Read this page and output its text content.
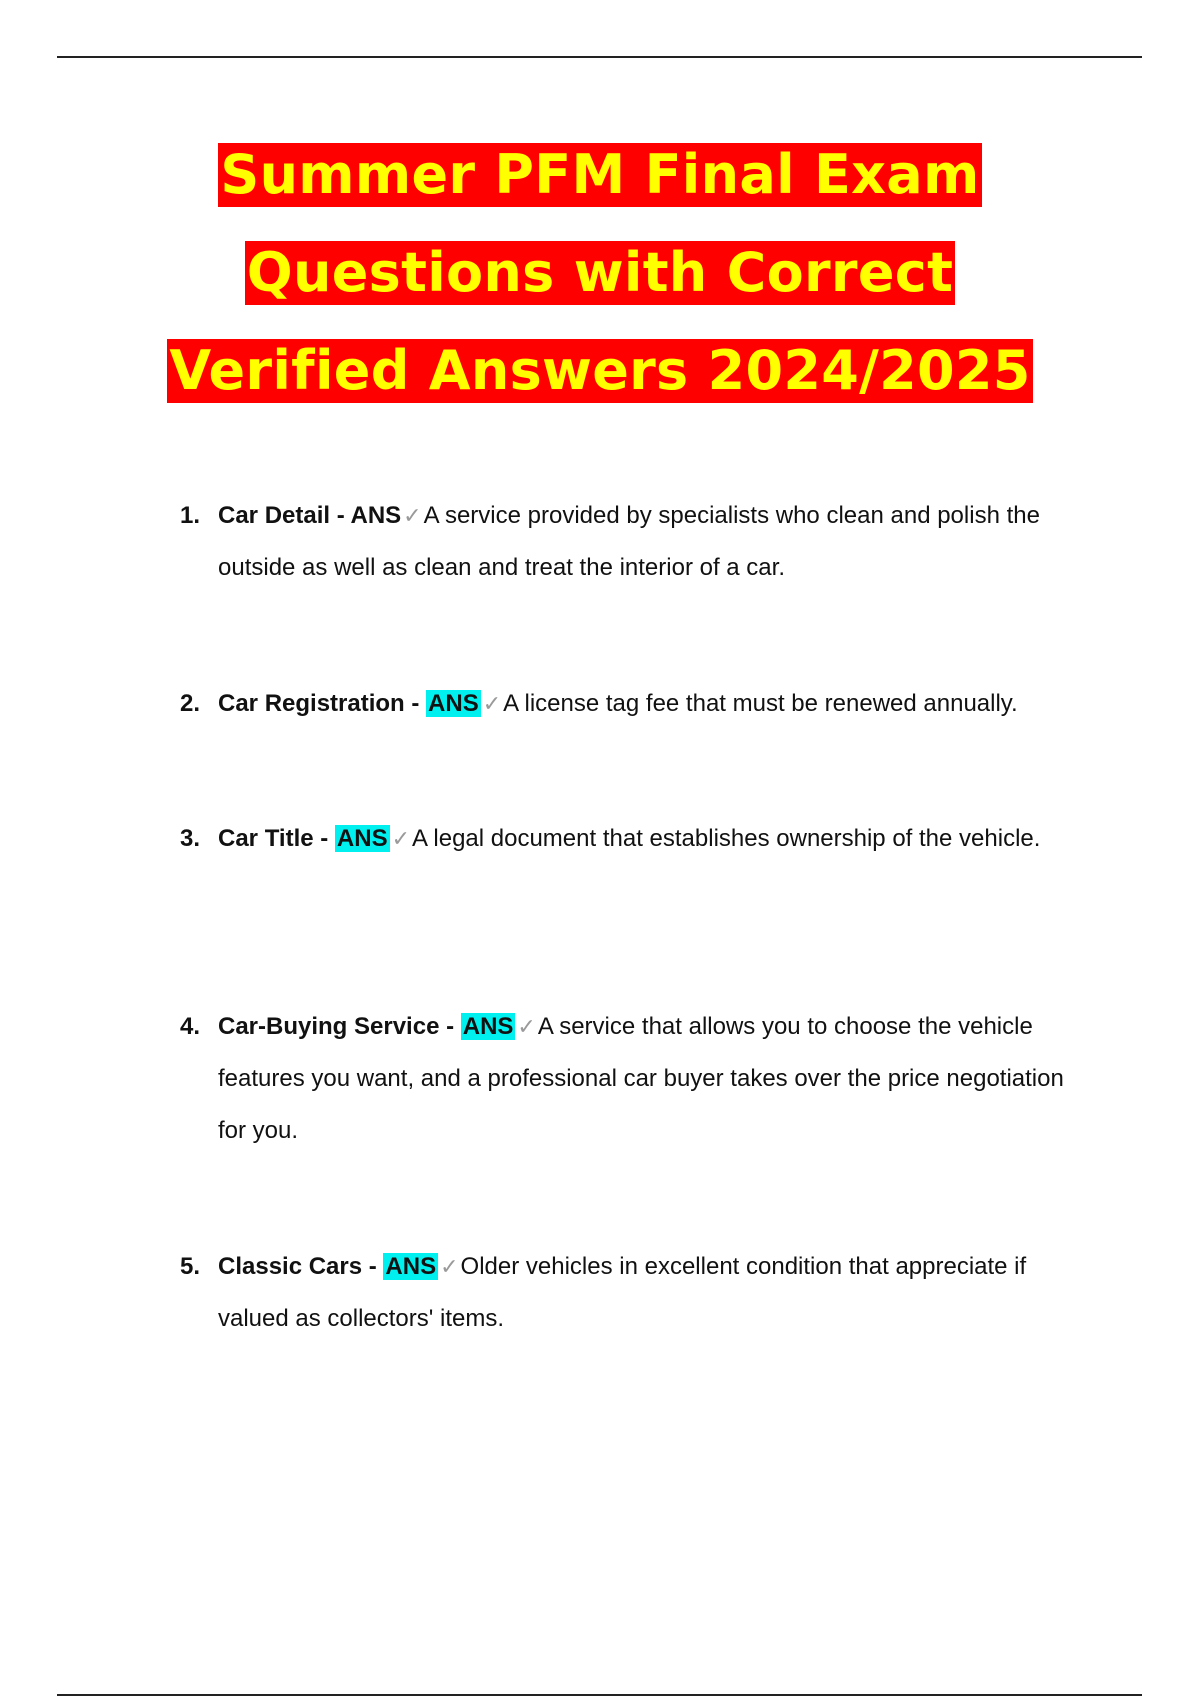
Summer PFM Final Exam
Questions with Correct
Verified Answers 2024/2025
1. Car Detail - ANS✓A service provided by specialists who clean and polish the outside as well as clean and treat the interior of a car.
2. Car Registration - ANS ✓A license tag fee that must be renewed annually.
3. Car Title - ANS ✓A legal document that establishes ownership of the vehicle.
4. Car-Buying Service - ANS ✓A service that allows you to choose the vehicle features you want, and a professional car buyer takes over the price negotiation for you.
5. Classic Cars - ANS ✓Older vehicles in excellent condition that appreciate if valued as collectors' items.
